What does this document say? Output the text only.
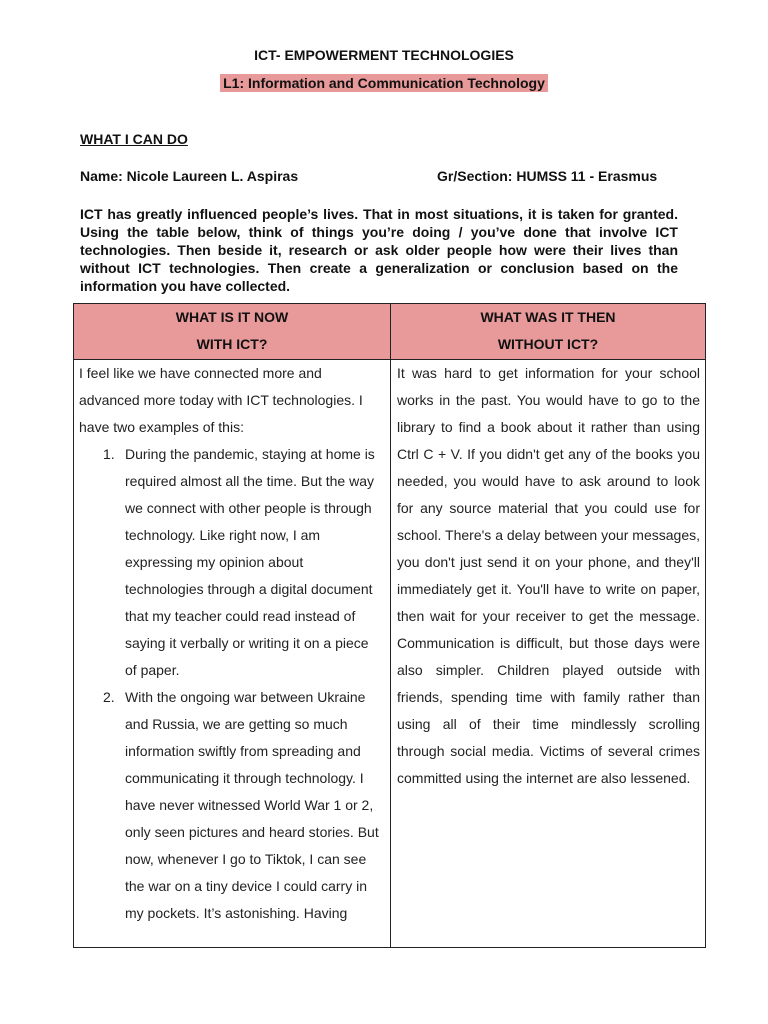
ICT- EMPOWERMENT TECHNOLOGIES
L1: Information and Communication Technology
WHAT I CAN DO
Name: Nicole Laureen L. Aspiras	Gr/Section: HUMSS 11 - Erasmus

ICT has greatly influenced people’s lives. That in most situations, it is taken for granted. Using the table below, think of things you’re doing / you’ve done that involve ICT technologies. Then beside it, research or ask older people how were their lives than without ICT technologies. Then create a generalization or conclusion based on the information you have collected.

WHAT IS IT NOW
WITH ICT?
WHAT WAS IT THEN
WITHOUT ICT?

I feel like we have connected more and advanced more today with ICT technologies. I have two examples of this:

1. During the pandemic, staying at home is required almost all the time. But the way we connect with other people is through technology. Like right now, I am expressing my opinion about technologies through a digital document that my teacher could read instead of saying it verbally or writing it on a piece of paper.
2. With the ongoing war between Ukraine and Russia, we are getting so much information swiftly from spreading and communicating it through technology. I have never witnessed World War 1 or 2, only seen pictures and heard stories. But now, whenever I go to Tiktok, I can see the war on a tiny device I could carry in my pockets. It’s astonishing. Having

It was hard to get information for your school works in the past. You would have to go to the library to find a book about it rather than using Ctrl C + V. If you didn't get any of the books you needed, you would have to ask around to look for any source material that you could use for school. There's a delay between your messages, you don't just send it on your phone, and they'll immediately get it. You'll have to write on paper, then wait for your receiver to get the message. Communication is difficult, but those days were also simpler. Children played outside with friends, spending time with family rather than using all of their time mindlessly scrolling through social media. Victims of several crimes committed using the internet are also lessened.
